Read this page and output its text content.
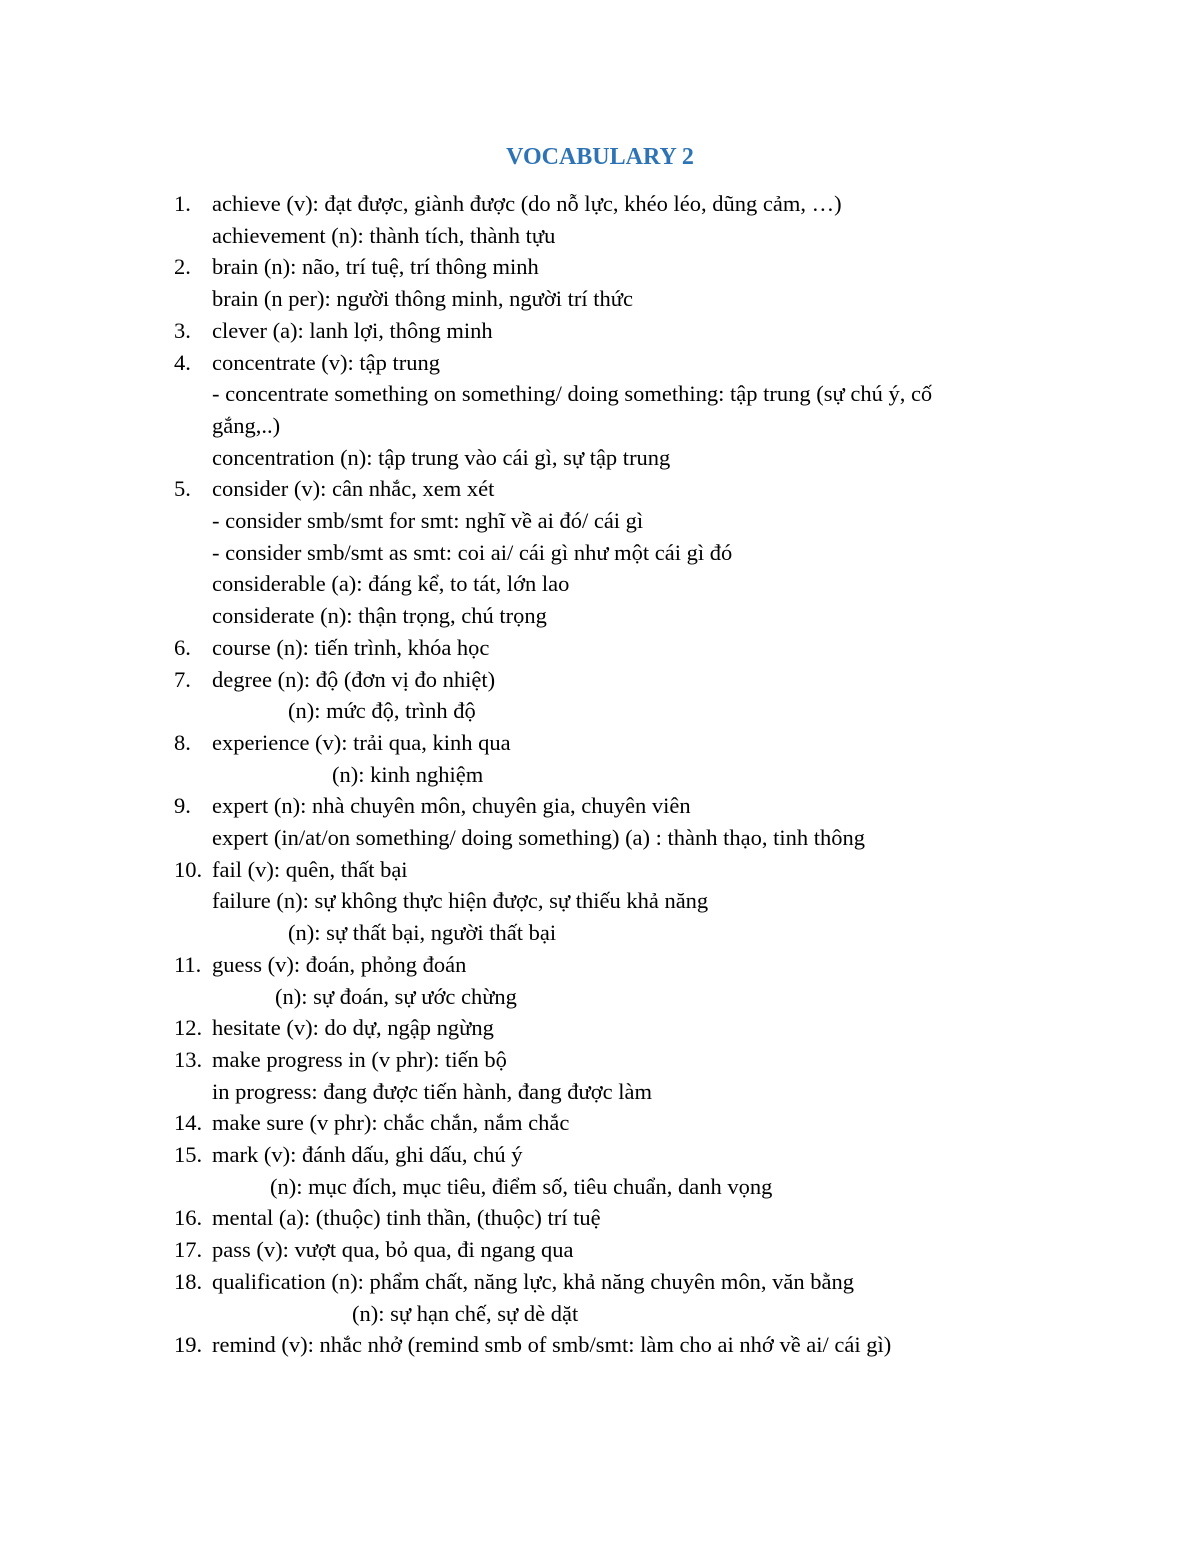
VOCABULARY 2
1. achieve (v): đạt được, giành được (do nỗ lực, khéo léo, dũng cảm, …)
achievement (n): thành tích, thành tựu
2. brain (n): não, trí tuệ, trí thông minh
brain (n per): người thông minh, người trí thức
3. clever (a): lanh lợi, thông minh
4. concentrate (v): tập trung
- concentrate something on something/ doing something: tập trung (sự chú ý, cố
gắng,..)
concentration (n): tập trung vào cái gì, sự tập trung
5. consider (v): cân nhắc, xem xét
- consider smb/smt for smt: nghĩ về ai đó/ cái gì
- consider smb/smt as smt: coi ai/ cái gì như một cái gì đó
considerable (a): đáng kể, to tát, lớn lao
considerate (n): thận trọng, chú trọng
6. course (n): tiến trình, khóa học
7. degree (n): độ (đơn vị đo nhiệt)
(n): mức độ, trình độ
8. experience (v): trải qua, kinh qua
(n): kinh nghiệm
9. expert (n): nhà chuyên môn, chuyên gia, chuyên viên
expert (in/at/on something/ doing something) (a) : thành thạo, tinh thông
10. fail (v): quên, thất bại
failure (n): sự không thực hiện được, sự thiếu khả năng
(n): sự thất bại, người thất bại
11. guess (v): đoán, phỏng đoán
(n): sự đoán, sự ước chừng
12. hesitate (v): do dự, ngập ngừng
13. make progress in (v phr): tiến bộ
in progress: đang được tiến hành, đang được làm
14. make sure (v phr): chắc chắn, nắm chắc
15. mark (v): đánh dấu, ghi dấu, chú ý
(n): mục đích, mục tiêu, điểm số, tiêu chuẩn, danh vọng
16. mental (a): (thuộc) tinh thần, (thuộc) trí tuệ
17. pass (v): vượt qua, bỏ qua, đi ngang qua
18. qualification (n): phẩm chất, năng lực, khả năng chuyên môn, văn bằng
(n): sự hạn chế, sự dè dặt
19. remind (v): nhắc nhở (remind smb of smb/smt: làm cho ai nhớ về ai/ cái gì)
